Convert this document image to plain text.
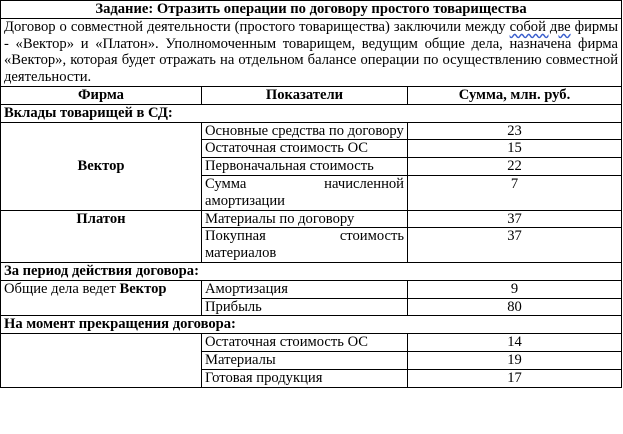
Задание: Отразить операции по договору простого товарищества		
Договор о совместной деятельности (простого товарищества) заключили между собой две фирмы - «Вектор» и «Платон». Уполномоченным товарищем, ведущим общие дела, назначена фирма «Вектор», которая будет отражать на отдельном балансе операции по осуществлению совместной деятельности.		
Фирма	Показатели	Сумма, млн. руб.
Вклады товарищей в СД:		
Вектор	Основные средства по договору	23
	Остаточная стоимость ОС	15
	Первоначальная стоимость	22
	Сумма начисленной амортизации	7
Платон	Материалы по договору	37
	Покупная стоимость материалов	37
За период действия договора:		
Общие дела ведет Вектор	Амортизация	9
	Прибыль	80
На момент прекращения договора:		
	Остаточная стоимость ОС	14
	Материалы	19
	Готовая продукция	17
